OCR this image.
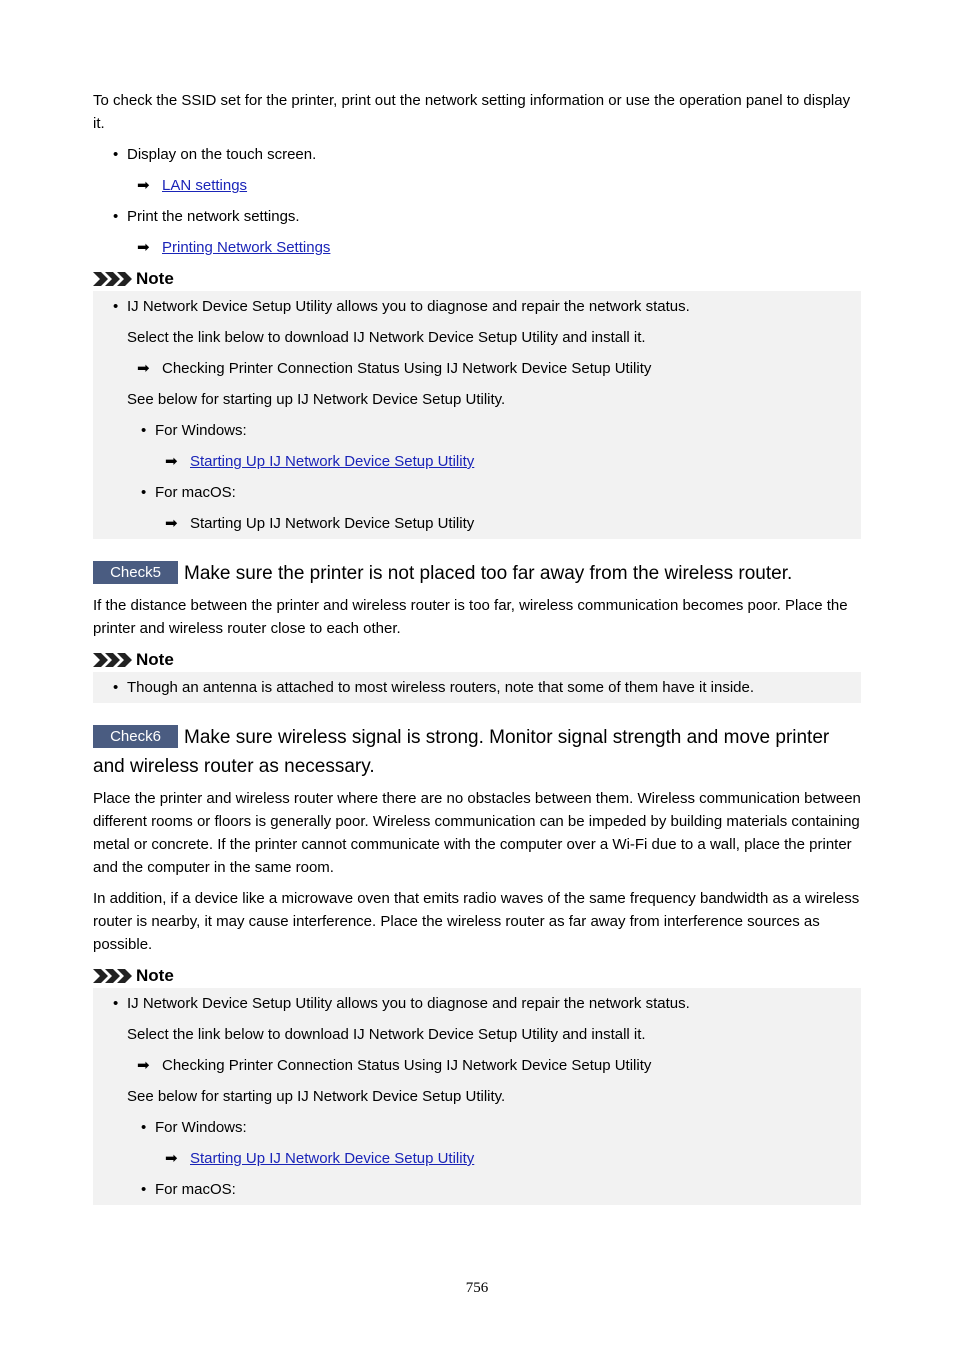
To check the SSID set for the printer, print out the network setting information or use the operation panel to display it.

• Display on the touch screen.
➡ LAN settings
• Print the network settings.
➡ Printing Network Settings
Note
• IJ Network Device Setup Utility allows you to diagnose and repair the network status.
Select the link below to download IJ Network Device Setup Utility and install it.
➡ Checking Printer Connection Status Using IJ Network Device Setup Utility
See below for starting up IJ Network Device Setup Utility.
• For Windows:
➡ Starting Up IJ Network Device Setup Utility
• For macOS:
➡ Starting Up IJ Network Device Setup Utility
Check5 Make sure the printer is not placed too far away from the wireless router.

If the distance between the printer and wireless router is too far, wireless communication becomes poor. Place the printer and wireless router close to each other.

Note
• Though an antenna is attached to most wireless routers, note that some of them have it inside.
Check6 Make sure wireless signal is strong. Monitor signal strength and move printer and wireless router as necessary.

Place the printer and wireless router where there are no obstacles between them. Wireless communication between different rooms or floors is generally poor. Wireless communication can be impeded by building materials containing metal or concrete. If the printer cannot communicate with the computer over a Wi-Fi due to a wall, place the printer and the computer in the same room.

In addition, if a device like a microwave oven that emits radio waves of the same frequency bandwidth as a wireless router is nearby, it may cause interference. Place the wireless router as far away from interference sources as possible.

Note
• IJ Network Device Setup Utility allows you to diagnose and repair the network status.
Select the link below to download IJ Network Device Setup Utility and install it.
➡ Checking Printer Connection Status Using IJ Network Device Setup Utility
See below for starting up IJ Network Device Setup Utility.
• For Windows:
➡ Starting Up IJ Network Device Setup Utility
• For macOS:
756
